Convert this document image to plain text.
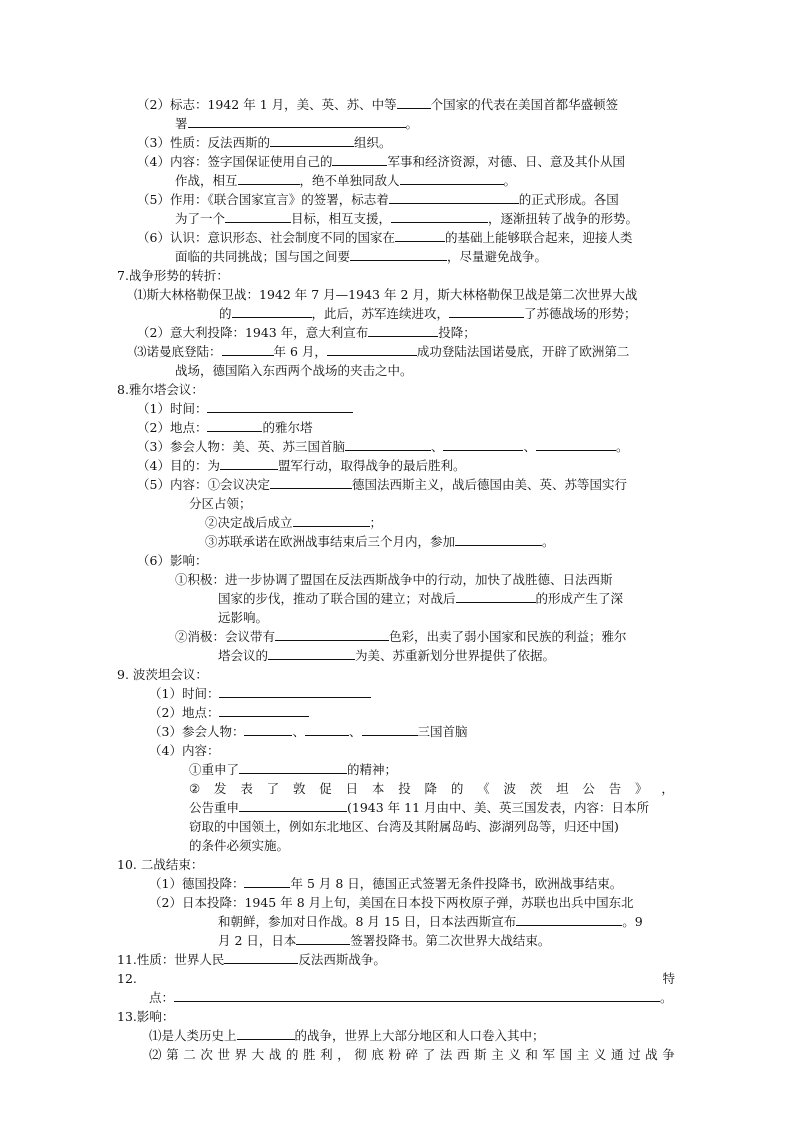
（2）标志：1942 年 1 月，美、英、苏、中等	个国家的代表在美国首都华盛顿签
署	。
（3）性质：反法西斯的	组织。
（4）内容：签字国保证使用自己的	军事和经济资源，对德、日、意及其仆从国
作战，相互	，绝不单独同敌人	。
（5）作用：《联合国家宣言》的签署，标志着	的正式形成。各国
为了一个	目标，相互支援，	，逐渐扭转了战争的形势。
（6）认识：意识形态、社会制度不同的国家在	的基础上能够联合起来，迎接人类
面临的共同挑战；国与国之间要	，尽量避免战争。
7.战争形势的转折：
⑴斯大林格勒保卫战：1942 年 7 月—1943 年 2 月，斯大林格勒保卫战是第二次世界大战
的	，此后，苏军连续进攻，	了苏德战场的形势；
（2）意大利投降：1943 年，意大利宣布	投降；
⑶诺曼底登陆：	年 6 月，	成功登陆法国诺曼底，开辟了欧洲第二
战场，德国陷入东西两个战场的夹击之中。
8.雅尔塔会议：
（1）时间：
（2）地点：	的雅尔塔
（3）参会人物：美、英、苏三国首脑	、	、	。
（4）目的：为	盟军行动，取得战争的最后胜利。
（5）内容：①会议决定	德国法西斯主义，战后德国由美、英、苏等国实行
分区占领；
②决定战后成立	；
③苏联承诺在欧洲战事结束后三个月内，参加	。
（6）影响：
①积极：进一步协调了盟国在反法西斯战争中的行动，加快了战胜德、日法西斯
国家的步伐，推动了联合国的建立；对战后	的形成产生了深
远影响。
②消极：会议带有	色彩，出卖了弱小国家和民族的利益；雅尔
塔会议的	为美、苏重新划分世界提供了依据。
9. 波茨坦会议：
（1）时间：
（2）地点：
（3）参会人物：	、	、	三国首脑
（4）内容：
①重申了	的精神；
② 发 表 了 敦 促 日 本 投 降 的 《 波 茨 坦 公 告 》 ，
公告重申	(1943 年 11 月由中、美、英三国发表，内容：日本所
窃取的中国领土，例如东北地区、台湾及其附属岛屿、澎湖列岛等，归还中国)
的条件必须实施。
10. 二战结束：
（1）德国投降：	年 5 月 8 日，德国正式签署无条件投降书，欧洲战事结束。
（2）日本投降：1945 年 8 月上旬，美国在日本投下两枚原子弹，苏联也出兵中国东北
和朝鲜，参加对日作战。8 月 15 日，日本法西斯宣布	。9
月 2 日，日本	签署投降书。第二次世界大战结束。
11.性质：世界人民	反法西斯战争。
12.	特
点：	。
13.影响：
⑴是人类历史上	的战争，世界上大部分地区和人口卷入其中；
⑵ 第 二 次 世 界 大 战 的 胜 利 ， 彻 底 粉 碎 了 法 西 斯 主 义 和 军 国 主 义 通 过 战 争
